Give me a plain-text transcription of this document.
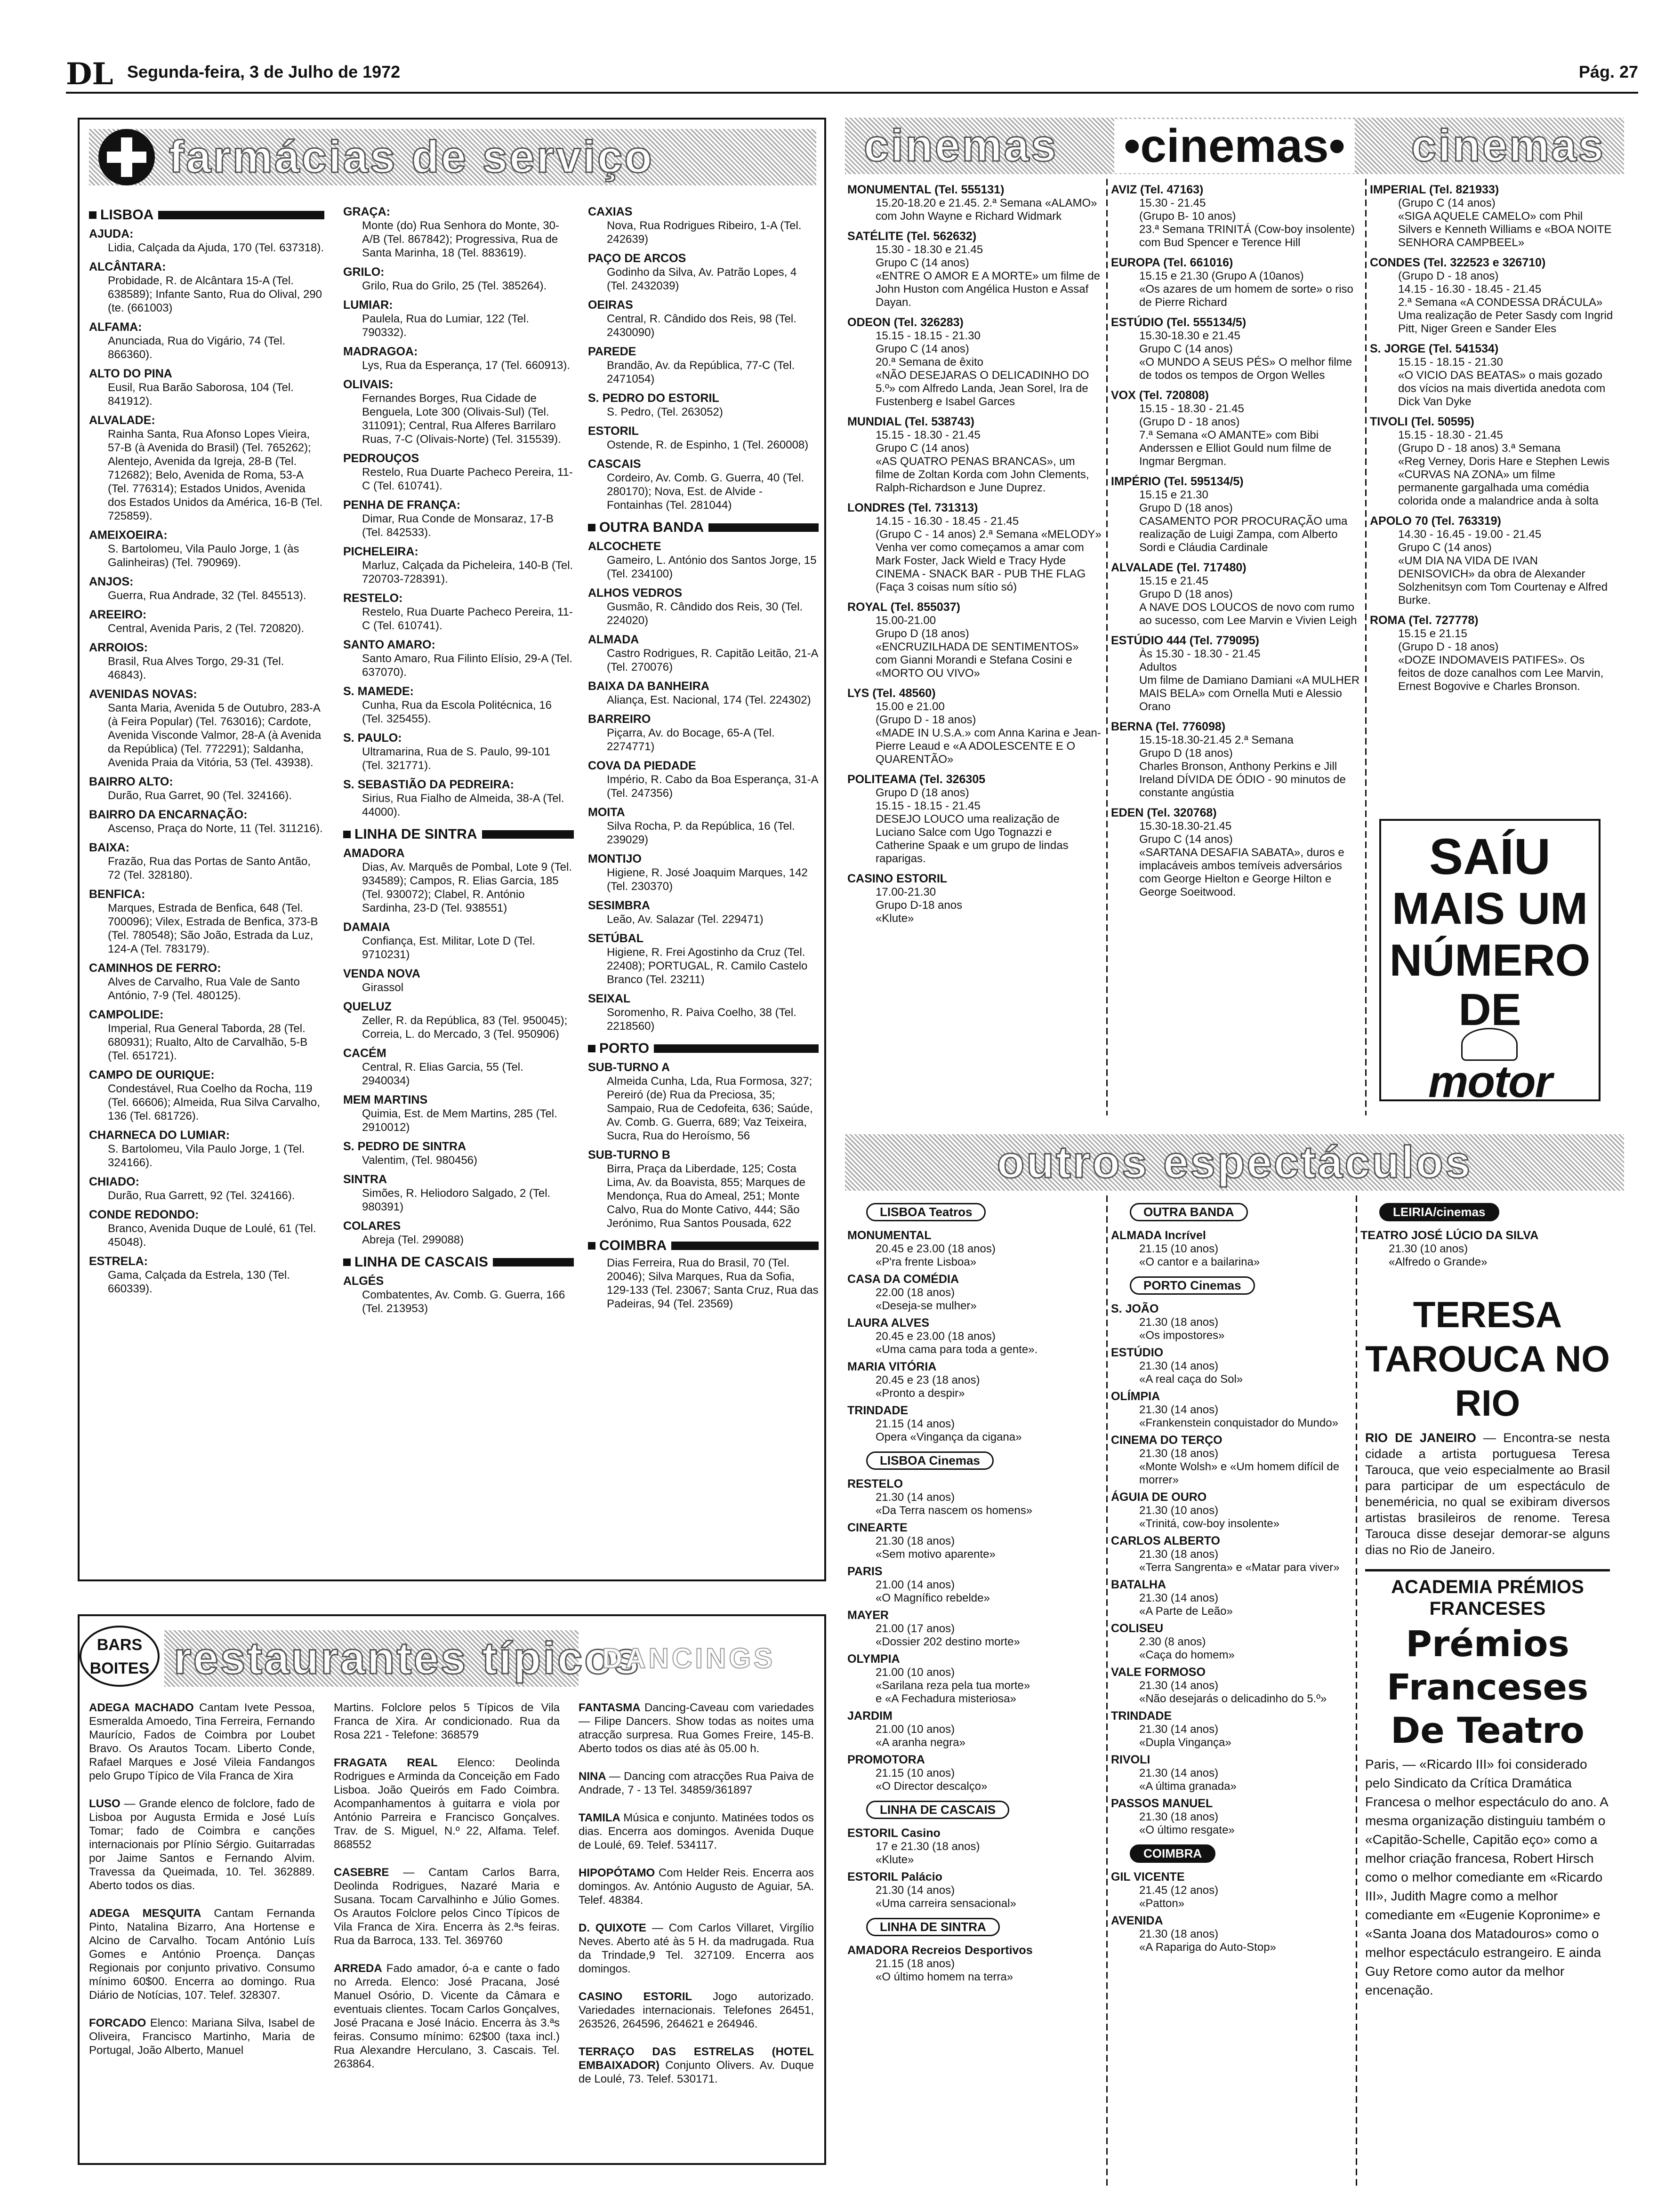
DL Segunda-feira, 3 de Julho de 1972	Pág. 27
farmácias de serviço
LISBOA
AJUDA:
Lidia, Calçada da Ajuda, 170 (Tel. 637318).
ALCÂNTARA:
Probidade, R. de Alcântara 15-A (Tel. 638589); Infante Santo, Rua do Olival, 290 (te. (661003)
ALFAMA:
Anunciada, Rua do Vigário, 74 (Tel. 866360).
ALTO DO PINA
Eusil, Rua Barão Saborosa, 104 (Tel. 841912).
ALVALADE:
Rainha Santa, Rua Afonso Lopes Vieira, 57-B (à Avenida do Brasil) (Tel. 765262); Alentejo, Avenida da Igreja, 28-B (Tel. 712682); Belo, Avenida de Roma, 53-A (Tel. 776314); Estados Unidos, Avenida dos Estados Unidos da América, 16-B (Tel. 725859).
AMEIXOEIRA:
S. Bartolomeu, Vila Paulo Jorge, 1 (às Galinheiras) (Tel. 790969).
ANJOS:
Guerra, Rua Andrade, 32 (Tel. 845513).
AREEIRO:
Central, Avenida Paris, 2 (Tel. 720820).
ARROIOS:
Brasil, Rua Alves Torgo, 29-31 (Tel. 46843).
AVENIDAS NOVAS:
Santa Maria, Avenida 5 de Outubro, 283-A (à Feira Popular) (Tel. 763016); Cardote, Avenida Visconde Valmor, 28-A (à Avenida da República) (Tel. 772291); Saldanha, Avenida Praia da Vitória, 53 (Tel. 43938).
BAIRRO ALTO:
Durão, Rua Garret, 90 (Tel. 324166).
BAIRRO DA ENCARNAÇÃO:
Ascenso, Praça do Norte, 11 (Tel. 311216).
BAIXA:
Frazão, Rua das Portas de Santo Antão, 72 (Tel. 328180).
BENFICA:
Marques, Estrada de Benfica, 648 (Tel. 700096); Vilex, Estrada de Benfica, 373-B (Tel. 780548); São João, Estrada da Luz, 124-A (Tel. 783179).
CAMINHOS DE FERRO:
Alves de Carvalho, Rua Vale de Santo António, 7-9 (Tel. 480125).
CAMPOLIDE:
Imperial, Rua General Taborda, 28 (Tel. 680931); Rualto, Alto de Carvalhão, 5-B (Tel. 651721).
CAMPO DE OURIQUE:
Condestável, Rua Coelho da Rocha, 119 (Tel. 66606); Almeida, Rua Silva Carvalho, 136 (Tel. 681726).
CHARNECA DO LUMIAR:
S. Bartolomeu, Vila Paulo Jorge, 1 (Tel. 324166).
CHIADO:
Durão, Rua Garrett, 92 (Tel. 324166).
CONDE REDONDO:
Branco, Avenida Duque de Loulé, 61 (Tel. 45048).
ESTRELA:
Gama, Calçada da Estrela, 130 (Tel. 660339).
GRAÇA:
Monte (do) Rua Senhora do Monte, 30-A/B (Tel. 867842); Progressiva, Rua de Santa Marinha, 18 (Tel. 883619).
GRILO:
Grilo, Rua do Grilo, 25 (Tel. 385264).
LUMIAR:
Paulela, Rua do Lumiar, 122 (Tel. 790332).
MADRAGOA:
Lys, Rua da Esperança, 17 (Tel. 660913).
OLIVAIS:
Fernandes Borges, Rua Cidade de Benguela, Lote 300 (Olivais-Sul) (Tel. 311091); Central, Rua Alferes Barrilaro Ruas, 7-C (Olivais-Norte) (Tel. 315539).
PEDROUÇOS
Restelo, Rua Duarte Pacheco Pereira, 11-C (Tel. 610741).
PENHA DE FRANÇA:
Dimar, Rua Conde de Monsaraz, 17-B (Tel. 842533).
PICHELEIRA:
Marluz, Calçada da Picheleira, 140-B (Tel. 720703-728391).
RESTELO:
Restelo, Rua Duarte Pacheco Pereira, 11-C (Tel. 610741).
SANTO AMARO:
Santo Amaro, Rua Filinto Elísio, 29-A (Tel. 637070).
S. MAMEDE:
Cunha, Rua da Escola Politécnica, 16 (Tel. 325455).
S. PAULO:
Ultramarina, Rua de S. Paulo, 99-101 (Tel. 321771).
S. SEBASTIÃO DA PEDREIRA:
Sirius, Rua Fialho de Almeida, 38-A (Tel. 44000).
LINHA DE SINTRA
AMADORA
Dias, Av. Marquês de Pombal, Lote 9 (Tel. 934589); Campos, R. Elias Garcia, 185 (Tel. 930072); Clabel, R. António Sardinha, 23-D (Tel. 938551)
DAMAIA
Confiança, Est. Militar, Lote D (Tel. 9710231)
VENDA NOVA
Girassol
QUELUZ
Zeller, R. da República, 83 (Tel. 950045); Correia, L. do Mercado, 3 (Tel. 950906)
CACÉM
Central, R. Elias Garcia, 55 (Tel. 2940034)
MEM MARTINS
Quimia, Est. de Mem Martins, 285 (Tel. 2910012)
S. PEDRO DE SINTRA
Valentim, (Tel. 980456)
SINTRA
Simões, R. Heliodoro Salgado, 2 (Tel. 980391)
COLARES
Abreja (Tel. 299088)
LINHA DE CASCAIS
ALGÉS
Combatentes, Av. Comb. G. Guerra, 166 (Tel. 213953)
CAXIAS
Nova, Rua Rodrigues Ribeiro, 1-A (Tel. 242639)
PAÇO DE ARCOS
Godinho da Silva, Av. Patrão Lopes, 4 (Tel. 2432039)
OEIRAS
Central, R. Cândido dos Reis, 98 (Tel. 2430090)
PAREDE
Brandão, Av. da República, 77-C (Tel. 2471054)
S. PEDRO DO ESTORIL
S. Pedro, (Tel. 263052)
ESTORIL
Ostende, R. de Espinho, 1 (Tel. 260008)
CASCAIS
Cordeiro, Av. Comb. G. Guerra, 40 (Tel. 280170); Nova, Est. de Alvide - Fontainhas (Tel. 281044)
OUTRA BANDA
ALCOCHETE
Gameiro, L. António dos Santos Jorge, 15 (Tel. 234100)
ALHOS VEDROS
Gusmão, R. Cândido dos Reis, 30 (Tel. 224020)
ALMADA
Castro Rodrigues, R. Capitão Leitão, 21-A (Tel. 270076)
BAIXA DA BANHEIRA
Aliança, Est. Nacional, 174 (Tel. 224302)
BARREIRO
Piçarra, Av. do Bocage, 65-A (Tel. 2274771)
COVA DA PIEDADE
Império, R. Cabo da Boa Esperança, 31-A (Tel. 247356)
MOITA
Silva Rocha, P. da República, 16 (Tel. 239029)
MONTIJO
Higiene, R. José Joaquim Marques, 142 (Tel. 230370)
SESIMBRA
Leão, Av. Salazar (Tel. 229471)
SETÚBAL
Higiene, R. Frei Agostinho da Cruz (Tel. 22408); PORTUGAL, R. Camilo Castelo Branco (Tel. 23211)
SEIXAL
Soromenho, R. Paiva Coelho, 38 (Tel. 2218560)
PORTO
SUB-TURNO A
Almeida Cunha, Lda, Rua Formosa, 327; Pereiró (de) Rua da Preciosa, 35; Sampaio, Rua de Cedofeita, 636; Saúde, Av. Comb. G. Guerra, 689; Vaz Teixeira, Sucra, Rua do Heroísmo, 56
SUB-TURNO B
Birra, Praça da Liberdade, 125; Costa Lima, Av. da Boavista, 855; Marques de Mendonça, Rua do Ameal, 251; Monte Calvo, Rua do Monte Cativo, 444; São Jerónimo, Rua Santos Pousada, 622
COIMBRA
Dias Ferreira, Rua do Brasil, 70 (Tel. 20046); Silva Marques, Rua da Sofia, 129-133 (Tel. 23067; Santa Cruz, Rua das Padeiras, 94 (Tel. 23569)
BARS
BOITES restaurantes típicos
DANCINGS
ADEGA MACHADO Cantam Ivete Pessoa, Esmeralda Amoedo, Tina Ferreira, Fernando Maurício, Fados de Coimbra por Loubet Bravo. Os Arautos Tocam. Liberto Conde, Rafael Marques e José Vileia Fandangos pelo Grupo Típico de Vila Franca de Xira
LUSO — Grande elenco de folclore, fado de Lisboa por Augusta Ermida e José Luís Tomar; fado de Coimbra e canções internacionais por Plínio Sérgio. Guitarradas por Jaime Santos e Fernando Alvim. Travessa da Queimada, 10. Tel. 362889. Aberto todos os dias.
ADEGA MESQUITA Cantam Fernanda Pinto, Natalina Bizarro, Ana Hortense e Alcino de Carvalho. Tocam António Luís Gomes e António Proença. Danças Regionais por conjunto privativo. Consumo mínimo 60$00. Encerra ao domingo. Rua Diário de Notícias, 107. Telef. 328307.
FORCADO Elenco: Mariana Silva, Isabel de Oliveira, Francisco Martinho, Maria de Portugal, João Alberto, Manuel
Martins. Folclore pelos 5 Típicos de Vila Franca de Xira. Ar condicionado. Rua da Rosa 221 - Telefone: 368579
FRAGATA REAL Elenco: Deolinda Rodrigues e Arminda da Conceição em Fado Lisboa. João Queirós em Fado Coimbra. Acompanhamentos à guitarra e viola por António Parreira e Francisco Gonçalves. Trav. de S. Miguel, N.º 22, Alfama. Telef. 868552
CASEBRE — Cantam Carlos Barra, Deolinda Rodrigues, Nazaré Maria e Susana. Tocam Carvalhinho e Júlio Gomes. Os Arautos Folclore pelos Cinco Típicos de Vila Franca de Xira. Encerra às 2.ªs feiras. Rua da Barroca, 133. Tel. 369760
ARREDA Fado amador, ó-a e cante o fado no Arreda. Elenco: José Pracana, José Manuel Osório, D. Vicente da Câmara e eventuais clientes. Tocam Carlos Gonçalves, José Pracana e José Inácio. Encerra às 3.ªs feiras. Consumo mínimo: 62$00 (taxa incl.) Rua Alexandre Herculano, 3. Cascais. Tel. 263864.
FANTASMA Dancing-Caveau com variedades — Filipe Dancers. Show todas as noites uma atracção surpresa. Rua Gomes Freire, 145-B. Aberto todos os dias até às 05.00 h.
NINA — Dancing com atracções Rua Paiva de Andrade, 7 - 13 Tel. 34859/361897
TAMILA Música e conjunto. Matinées todos os dias. Encerra aos domingos. Avenida Duque de Loulé, 69. Telef. 534117.
HIPOPÓTAMO Com Helder Reis. Encerra aos domingos. Av. António Augusto de Aguiar, 5A. Telef. 48384.
D. QUIXOTE — Com Carlos Villaret, Virgílio Neves. Aberto até às 5 H. da madrugada. Rua da Trindade,9 Tel. 327109. Encerra aos domingos.
CASINO ESTORIL Jogo autorizado. Variedades internacionais. Telefones 26451, 263526, 264596, 264621 e 264946.
TERRAÇO DAS ESTRELAS (HOTEL EMBAIXADOR) Conjunto Olivers. Av. Duque de Loulé, 73. Telef. 530171.
cinemas •cinemas• cinemas
MONUMENTAL (Tel. 555131)
15.20-18.20 e 21.45. 2.ª Semana «ALAMO» com John Wayne e Richard Widmark
SATÉLITE (Tel. 562632)
15.30 - 18.30 e 21.45
Grupo C (14 anos)
«ENTRE O AMOR E A MORTE» um filme de John Huston com Angélica Huston e Assaf Dayan.
ODEON (Tel. 326283)
15.15 - 18.15 - 21.30
Grupo C (14 anos)
20.ª Semana de êxito
«NÃO DESEJARAS O DELICADINHO DO 5.º» com Alfredo Landa, Jean Sorel, Ira de Fustenberg e Isabel Garces
MUNDIAL (Tel. 538743)
15.15 - 18.30 - 21.45
Grupo C (14 anos)
«AS QUATRO PENAS BRANCAS», um filme de Zoltan Korda com John Clements, Ralph-Richardson e June Duprez.
LONDRES (Tel. 731313)
14.15 - 16.30 - 18.45 - 21.45
(Grupo C - 14 anos) 2.ª Semana «MELODY»
Venha ver como começamos a amar com Mark Foster, Jack Wield e Tracy Hyde
CINEMA - SNACK BAR - PUB THE FLAG
(Faça 3 coisas num sítio só)
ROYAL (Tel. 855037)
15.00-21.00
Grupo D (18 anos)
«ENCRUZILHADA DE SENTIMENTOS» com Gianni Morandi e Stefana Cosini e «MORTO OU VIVO»
LYS (Tel. 48560)
15.00 e 21.00
(Grupo D - 18 anos)
«MADE IN U.S.A.» com Anna Karina e Jean-Pierre Leaud e «A ADOLESCENTE E O QUARENTÃO»
POLITEAMA (Tel. 326305
Grupo D (18 anos)
15.15 - 18.15 - 21.45
DESEJO LOUCO uma realização de Luciano Salce com Ugo Tognazzi e Catherine Spaak e um grupo de lindas raparigas.
CASINO ESTORIL
17.00-21.30
Grupo D-18 anos
«Klute»
AVIZ (Tel. 47163)
15.30 - 21.45
(Grupo B- 10 anos)
23.ª Semana TRINITÁ (Cow-boy insolente) com Bud Spencer e Terence Hill
EUROPA (Tel. 661016)
15.15 e 21.30 (Grupo A (10anos)
«Os azares de um homem de sorte» o riso de Pierre Richard
ESTÚDIO (Tel. 555134/5)
15.30-18.30 e 21.45
Grupo C (14 anos)
«O MUNDO A SEUS PÉS» O melhor filme de todos os tempos de Orgon Welles
VOX (Tel. 720808)
15.15 - 18.30 - 21.45
(Grupo D - 18 anos)
7.ª Semana «O AMANTE» com Bibi Anderssen e Elliot Gould num filme de Ingmar Bergman.
IMPÉRIO (Tel. 595134/5)
15.15 e 21.30
Grupo D (18 anos)
CASAMENTO POR PROCURAÇÃO uma realização de Luigi Zampa, com Alberto Sordi e Cláudia Cardinale
ALVALADE (Tel. 717480)
15.15 e 21.45
Grupo D (18 anos)
A NAVE DOS LOUCOS de novo com rumo ao sucesso, com Lee Marvin e Vivien Leigh
ESTÚDIO 444 (Tel. 779095)
Às 15.30 - 18.30 - 21.45
Adultos
Um filme de Damiano Damiani «A MULHER MAIS BELA» com Ornella Muti e Alessio Orano
BERNA (Tel. 776098)
15.15-18.30-21.45 2.ª Semana
Grupo D (18 anos)
Charles Bronson, Anthony Perkins e Jill Ireland DÍVIDA DE ÓDIO - 90 minutos de constante angústia
EDEN (Tel. 320768)
15.30-18.30-21.45
Grupo C (14 anos)
«SARTANA DESAFIA SABATA», duros e implacáveis ambos temíveis adversários com George Hielton e George Hilton e George Soeitwood.
IMPERIAL (Tel. 821933)
(Grupo C (14 anos)
«SIGA AQUELE CAMELO» com Phil Silvers e Kenneth Williams e «BOA NOITE SENHORA CAMPBEEL»
CONDES (Tel. 322523 e 326710)
(Grupo D - 18 anos)
14.15 - 16.30 - 18.45 - 21.45
2.ª Semana «A CONDESSA DRÁCULA»
Uma realização de Peter Sasdy com Ingrid Pitt, Niger Green e Sander Eles
S. JORGE (Tel. 541534)
15.15 - 18.15 - 21.30
«O VICIO DAS BEATAS» o mais gozado dos vícios na mais divertida anedota com Dick Van Dyke
TIVOLI (Tel. 50595)
15.15 - 18.30 - 21.45
(Grupo D - 18 anos) 3.ª Semana
«Reg Verney, Doris Hare e Stephen Lewis «CURVAS NA ZONA» um filme permanente gargalhada uma comédia colorida onde a malandrice anda à solta
APOLO 70 (Tel. 763319)
14.30 - 16.45 - 19.00 - 21.45
Grupo C (14 anos)
«UM DIA NA VIDA DE IVAN DENISOVICH» da obra de Alexander Solzhenitsyn com Tom Courtenay e Alfred Burke.
ROMA (Tel. 727778)
15.15 e 21.15
(Grupo D - 18 anos)
«DOZE INDOMAVEIS PATIFES». Os feitos de doze canalhos com Lee Marvin, Ernest Bogovive e Charles Bronson.
SAÍU
MAIS UM
NÚMERO
DE
motor
outros espectáculos
LISBOA Teatros
MONUMENTAL
20.45 e 23.00 (18 anos)
«P'ra frente Lisboa»
CASA DA COMÉDIA
22.00 (18 anos)
«Deseja-se mulher»
LAURA ALVES
20.45 e 23.00 (18 anos)
«Uma cama para toda a gente».
MARIA VITÓRIA
20.45 e 23 (18 anos)
«Pronto a despir»
TRINDADE
21.15 (14 anos)
Opera «Vingança da cigana»
LISBOA Cinemas
RESTELO
21.30 (14 anos)
«Da Terra nascem os homens»
CINEARTE
21.30 (18 anos)
«Sem motivo aparente»
PARIS
21.00 (14 anos)
«O Magnífico rebelde»
MAYER
21.00 (17 anos)
«Dossier 202 destino morte»
OLYMPIA
21.00 (10 anos)
«Sarilana reza pela tua morte»
e «A Fechadura misteriosa»
JARDIM
21.00 (10 anos)
«A aranha negra»
PROMOTORA
21.15 (10 anos)
«O Director descalço»
LINHA DE CASCAIS
ESTORIL Casino
17 e 21.30 (18 anos)
«Klute»
ESTORIL Palácio
21.30 (14 anos)
«Uma carreira sensacional»
LINHA DE SINTRA
AMADORA Recreios Desportivos
21.15 (18 anos)
«O último homem na terra»
OUTRA BANDA
ALMADA Incrível
21.15 (10 anos)
«O cantor e a bailarina»
PORTO Cinemas
S. JOÃO
21.30 (18 anos)
«Os impostores»
ESTÚDIO
21.30 (14 anos)
«A real caça do Sol»
OLÍMPIA
21.30 (14 anos)
«Frankenstein conquistador do Mundo»
CINEMA DO TERÇO
21.30 (18 anos)
«Monte Wolsh» e «Um homem difícil de morrer»
ÁGUIA DE OURO
21.30 (10 anos)
«Trinitá, cow-boy insolente»
CARLOS ALBERTO
21.30 (18 anos)
«Terra Sangrenta» e «Matar para viver»
BATALHA
21.30 (14 anos)
«A Parte de Leão»
COLISEU
2.30 (8 anos)
«Caça do homem»
VALE FORMOSO
21.30 (14 anos)
«Não desejarás o delicadinho do 5.º»
TRINDADE
21.30 (14 anos)
«Dupla Vingança»
RIVOLI
21.30 (14 anos)
«A última granada»
PASSOS MANUEL
21.30 (18 anos)
«O último resgate»
COIMBRA
GIL VICENTE
21.45 (12 anos)
«Patton»
AVENIDA
21.30 (18 anos)
«A Rapariga do Auto-Stop»
LEIRIA/cinemas
TEATRO JOSÉ LÚCIO DA SILVA
21.30 (10 anos)
«Alfredo o Grande»
TERESA TAROUCA NO RIO
RIO DE JANEIRO — Encontra-se nesta cidade a artista portuguesa Teresa Tarouca, que veio especialmente ao Brasil para participar de um espectáculo de beneméricia, no qual se exibiram diversos artistas brasileiros de renome. Teresa Tarouca disse desejar demorar-se alguns dias no Rio de Janeiro.
ACADEMIA PRÉMIOS FRANCESES
Prémios Franceses De Teatro
Paris, — «Ricardo III» foi considerado pelo Sindicato da Crítica Dramática Francesa o melhor espectáculo do ano. A mesma organização distinguiu também o «Capitão-Schelle, Capitão eço» como a melhor criação francesa, Robert Hirsch como o melhor comediante em «Ricardo III», Judith Magre como a melhor comediante em «Eugenie Kopronime» e «Santa Joana dos Matadouros» como o melhor espectáculo estrangeiro. E ainda Guy Retore como autor da melhor encenação.
